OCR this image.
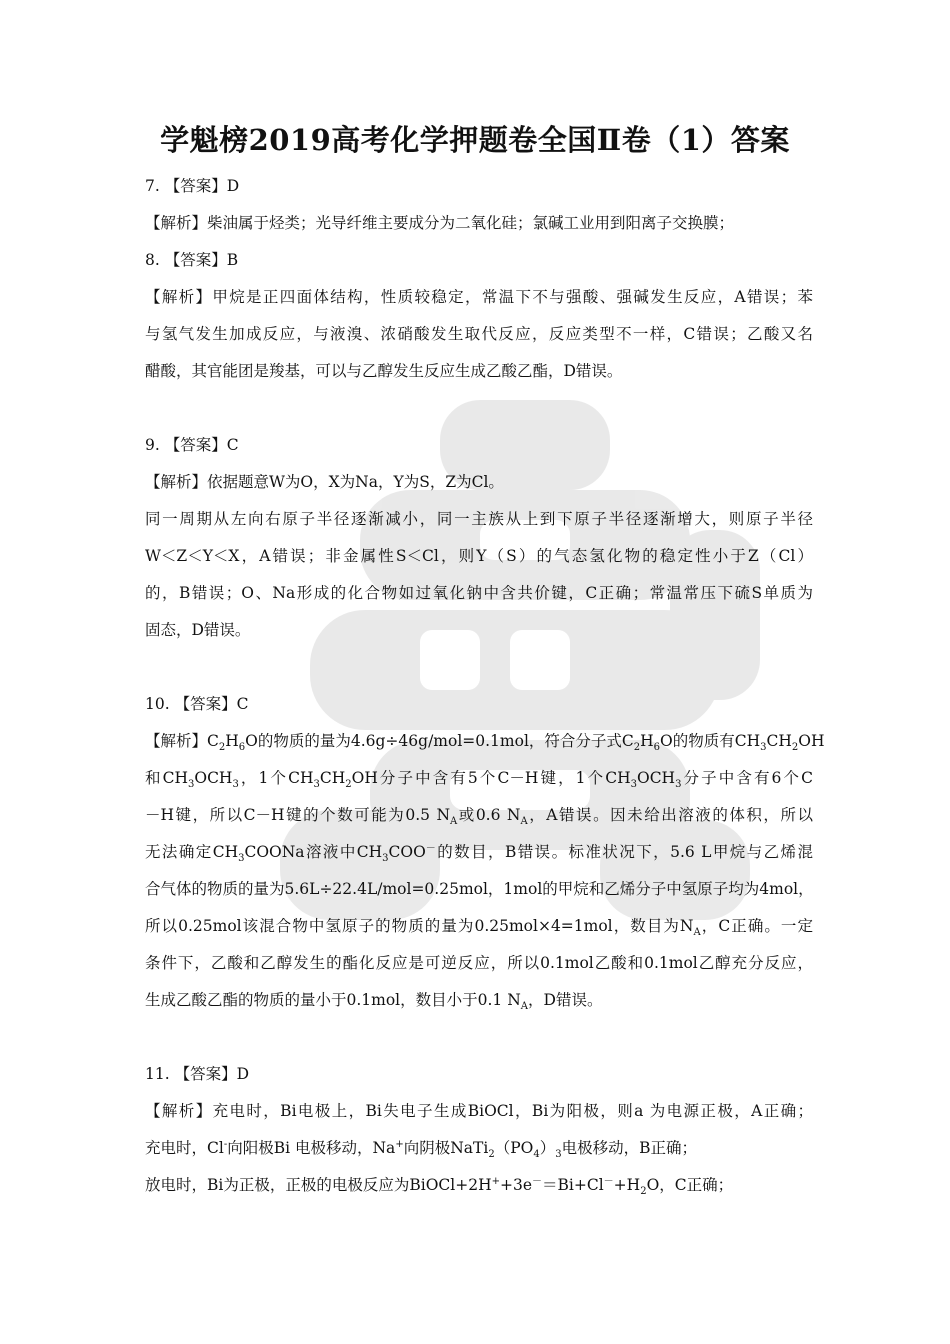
学魁榜2019高考化学押题卷全国Ⅱ卷（1）答案
7. 【答案】D
【解析】柴油属于烃类；光导纤维主要成分为二氧化硅；氯碱工业用到阳离子交换膜；
8. 【答案】B
【解析】甲烷是正四面体结构，性质较稳定，常温下不与强酸、强碱发生反应，A错误；苯
与氢气发生加成反应，与液溴、浓硝酸发生取代反应，反应类型不一样，C错误；乙酸又名
醋酸，其官能团是羧基，可以与乙醇发生反应生成乙酸乙酯，D错误。
9. 【答案】C
【解析】依据题意W为O，X为Na，Y为S，Z为Cl。
同一周期从左向右原子半径逐渐减小，同一主族从上到下原子半径逐渐增大，则原子半径
W＜Z＜Y＜X，A错误；非金属性S＜Cl，则Y（S）的气态氢化物的稳定性小于Z（Cl）
的，B错误；O、Na形成的化合物如过氧化钠中含共价键，C正确；常温常压下硫S单质为
固态，D错误。
10. 【答案】C
【解析】$C_2H_6O$的物质的量为4.6g÷46g/mol=0.1mol，符合分子式$C_2H_6O$的物质有$CH_3CH_2OH$
和$CH_3OCH_3$，1个$CH_3CH_2OH$分子中含有5个C－H键，1个$CH_3OCH_3$分子中含有6个C
－H键，所以C－H键的个数可能为0.5 $N_A$或0.6 $N_A$，A错误。因未给出溶液的体积，所以
无法确定$CH_3COONa$溶液中$CH_3COO^-$的数目，B错误。标准状况下，5.6 L甲烷与乙烯混
合气体的物质的量为5.6L÷22.4L/mol=0.25mol，1mol的甲烷和乙烯分子中氢原子均为4mol，
所以0.25mol该混合物中氢原子的物质的量为0.25mol×4=1mol，数目为$N_A$，C正确。一定
条件下，乙酸和乙醇发生的酯化反应是可逆反应，所以0.1mol乙酸和0.1mol乙醇充分反应，
生成乙酸乙酯的物质的量小于0.1mol，数目小于0.1 $N_A$，D错误。
11. 【答案】D
【解析】充电时，Bi电极上，Bi失电子生成BiOCl，Bi为阳极，则a 为电源正极，A正确；
充电时，Cl-向阳极Bi 电极移动，Na+向阴极$NaTi_2(PO_4)_3$电极移动，B正确；
放电时，Bi为正极，正极的电极反应为$BiOCl+2H^++3e^-=Bi+Cl^-+H_2O$，C正确；
